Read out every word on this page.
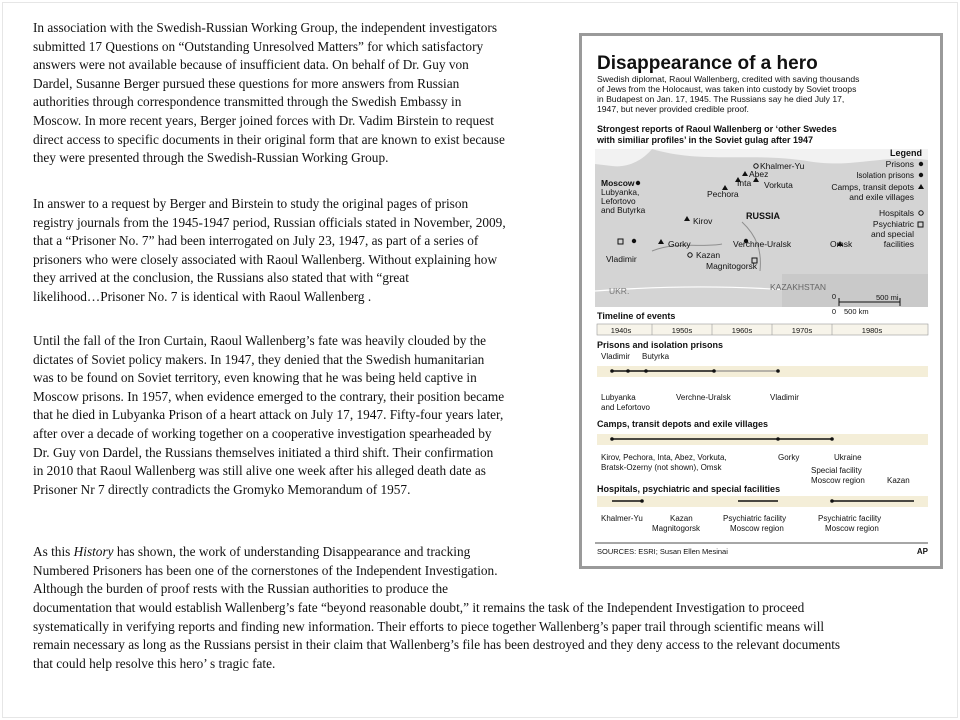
In association with the Swedish-Russian Working Group, the independent investigators
submitted 17 Questions on “Outstanding Unresolved Matters” for which satisfactory
answers were not available because of insufficient data. On behalf of Dr. Guy von
Dardel, Susanne Berger pursued these questions for more answers from Russian
authorities through correspondence transmitted through the Swedish Embassy in
Moscow. In more recent years, Berger joined forces with Dr. Vadim Birstein to request
direct access to specific documents in their original form that are known to exist because
they were presented through the Swedish-Russian Working Group.
In answer to a request by Berger and Birstein to study the original pages of prison
registry journals from the 1945-1947 period, Russian officials stated in November, 2009,
that a “Prisoner No. 7” had been interrogated on July 23, 1947, as part of a series of
prisoners who were closely associated with Raoul Wallenberg. Without explaining how
they arrived at the conclusion, the Russians also stated that with “great
likelihood…Prisoner No. 7 is identical with Raoul Wallenberg .
Until the fall of the Iron Curtain, Raoul Wallenberg’s fate was heavily clouded by the
dictates of Soviet policy makers. In 1947, they denied that the Swedish humanitarian
was to be found on Soviet territory, even knowing that he was being held captive in
Moscow prisons. In 1957, when evidence emerged to the contrary, their position became
that he died in Lubyanka Prison of a heart attack on July 17, 1947. Fifty-four years later,
after over a decade of working together on a cooperative investigation spearheaded by
Dr. Guy von Dardel, the Russians themselves initiated a third shift. Their confirmation
in 2010 that Raoul Wallenberg was still alive one week after his alleged death date as
Prisoner Nr 7 directly contradicts the Gromyko Memorandum of 1957.
As this History has shown, the work of understanding Disappearance and tracking
Numbered Prisoners has been one of the cornerstones of the Independent Investigation.
Although the burden of proof rests with the Russian authorities to produce the
documentation that would establish Wallenberg’s fate “beyond reasonable doubt,” it remains the task of the Independent Investigation to proceed
systematically in verifying reports and finding new information. Their efforts to piece together Wallenberg’s paper trail through scientific means will
remain necessary as long as the Russians persist in their claim that Wallenberg’s file has been destroyed and they deny access to the relevant documents
that could help resolve this hero’ s tragic fate.
Disappearance of a hero
Swedish diplomat, Raoul Wallenberg, credited with saving thousands
of Jews from the Holocaust, was taken into custody by Soviet troops
in Budapest on Jan. 17, 1945. The Russians say he died July 17,
1947, but never provided credible proof.
Strongest reports of Raoul Wallenberg or ‘other Swedes
with similiar profiles’ in the Soviet gulag after 1947
Khalmer-Yu
Abez
Inta Vorkuta
Moscow
Lubyanka,
Lefortovo
and Butyrka
Pechora
RUSSIA
Kirov
Gorky	Verchne-Uralsk	Omsk
Vladimir	Kazan
Magnitogorsk
UKR.	KAZAKHSTAN
Legend
Prisons
Isolation prisons
Camps, transit depots
and exile villages
Hospitals
Psychiatric
and special
facilities
0	500 mi
0 500 km
Timeline of events
1940s	1950s	1960s	1970s	1980s
Prisons and isolation prisons
Vladimir Butyrka
Lubyanka
and Lefortovo
Verchne-Uralsk	Vladimir
Camps, transit depots and exile villages
Kirov, Pechora, Inta, Abez, Vorkuta,
Bratsk-Ozerny (not shown), Omsk
Gorky	Ukraine
Special facility
Moscow region	Kazan
Hospitals, psychiatric and special facilities
Khalmer-Yu	Kazan
Magnitogorsk
Psychiatric facility
Moscow region
Psychiatric facility
Moscow region
SOURCES: ESRI; Susan Ellen Mesinai	AP
